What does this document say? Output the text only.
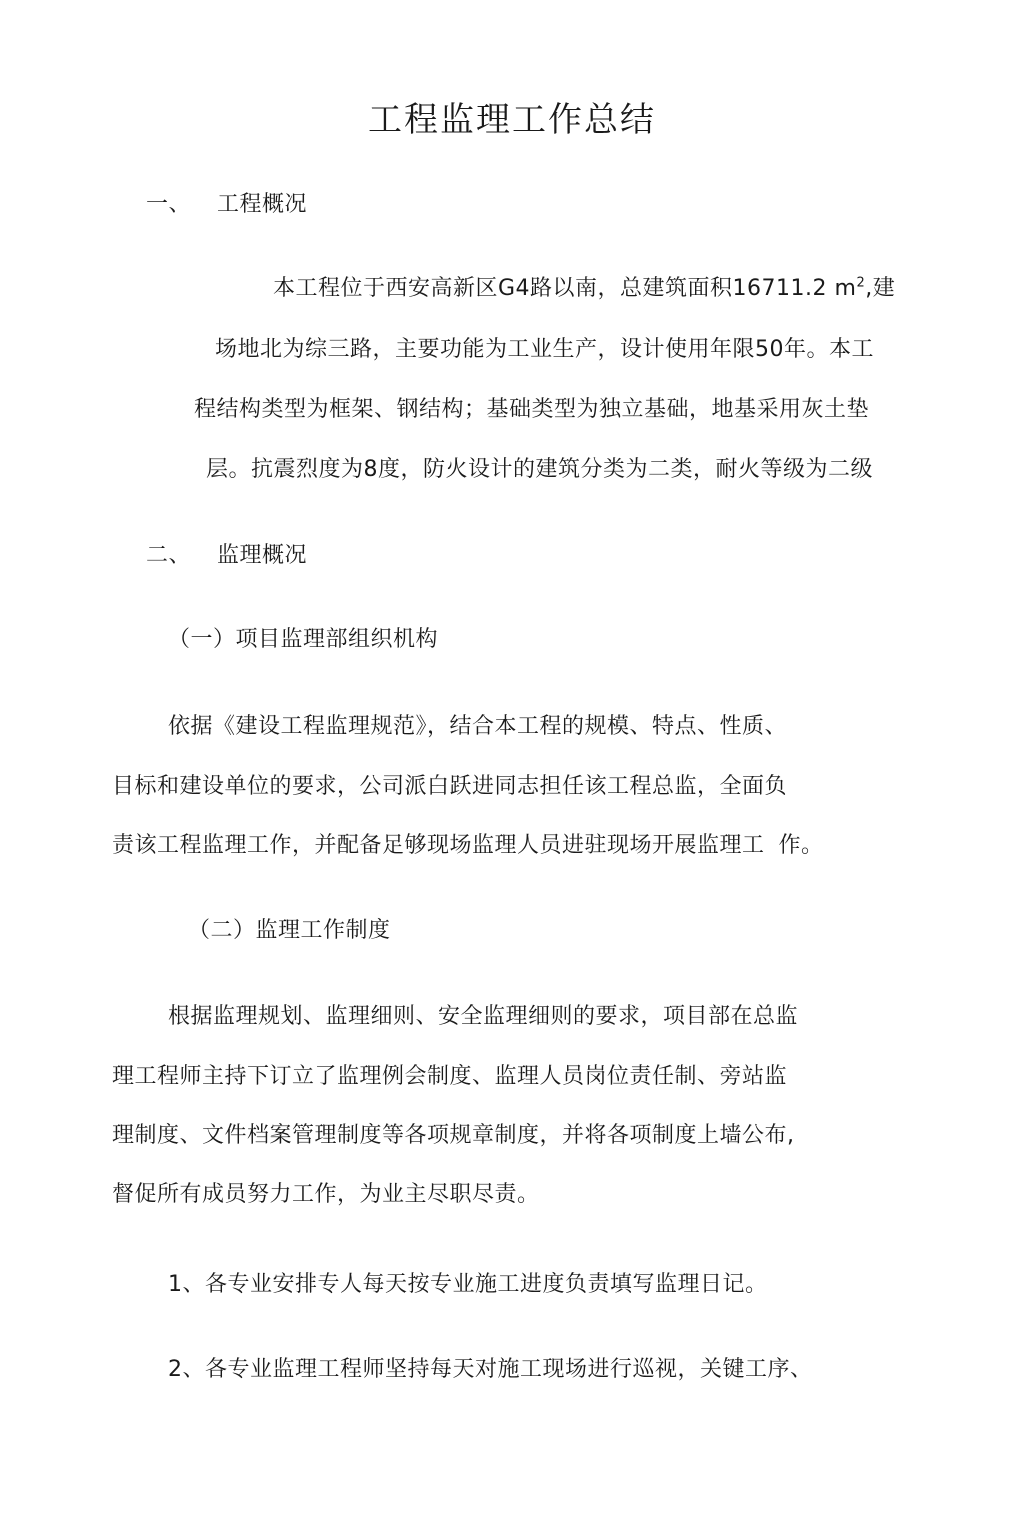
工程监理工作总结
一、 工程概况
本工程位于西安高新区G4路以南，总建筑面积16711.2 $m^2$,建
场地北为综三路，主要功能为工业生产，设计使用年限50年。本工
程结构类型为框架、钢结构；基础类型为独立基础，地基采用灰土垫
层。抗震烈度为8度，防火设计的建筑分类为二类，耐火等级为二级
二、 监理概况
（一）项目监理部组织机构
依据《建设工程监理规范》，结合本工程的规模、特点、性质、
目标和建设单位的要求，公司派白跃进同志担任该工程总监，全面负
责该工程监理工作，并配备足够现场监理人员进驻现场开展监理工 作。
（二）监理工作制度
根据监理规划、监理细则、安全监理细则的要求，项目部在总监
理工程师主持下订立了监理例会制度、监理人员岗位责任制、旁站监
理制度、文件档案管理制度等各项规章制度，并将各项制度上墙公布,
督促所有成员努力工作，为业主尽职尽责。
1、各专业安排专人每天按专业施工进度负责填写监理日记。
2、各专业监理工程师坚持每天对施工现场进行巡视，关键工序、
